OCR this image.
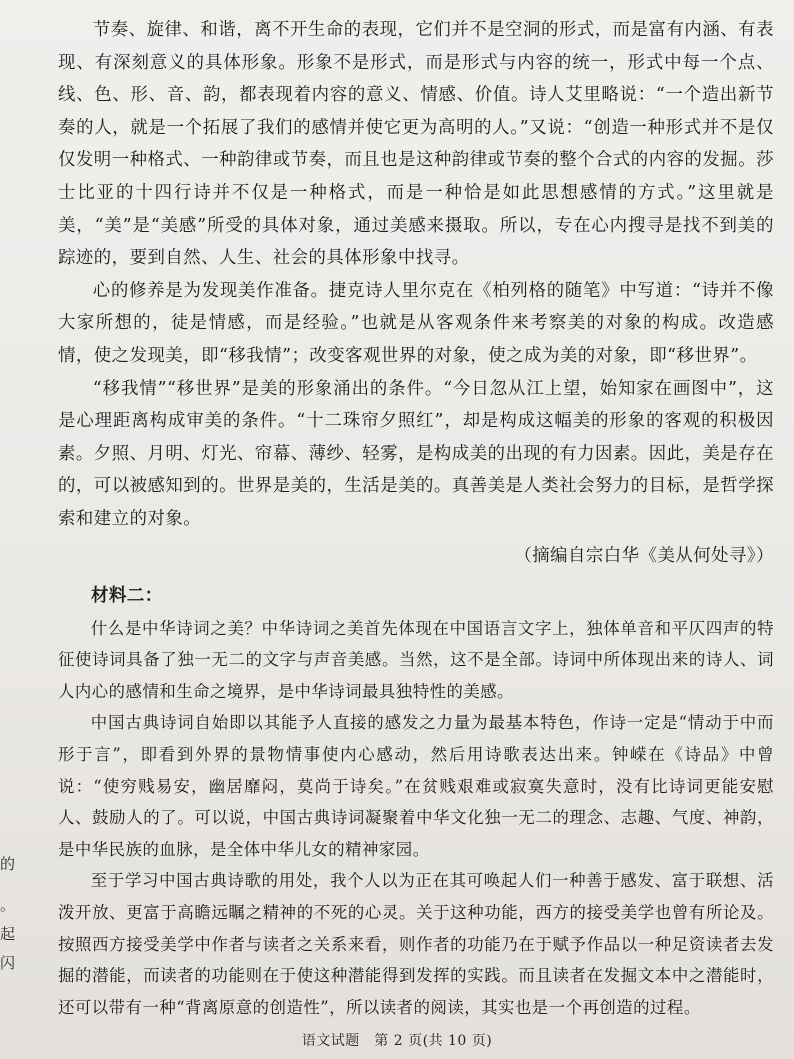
节奏、旋律、和谐，离不开生命的表现，它们并不是空洞的形式，而是富有内涵、有表现、有深刻意义的具体形象。形象不是形式，而是形式与内容的统一，形式中每一个点、线、色、形、音、韵，都表现着内容的意义、情感、价值。诗人艾里略说：“一个造出新节奏的人，就是一个拓展了我们的感情并使它更为高明的人。”又说：“创造一种形式并不是仅仅发明一种格式、一种韵律或节奏，而且也是这种韵律或节奏的整个合式的内容的发掘。莎士比亚的十四行诗并不仅是一种格式，而是一种恰是如此思想感情的方式。”这里就是美，“美”是“美感”所受的具体对象，通过美感来摄取。所以，专在心内搜寻是找不到美的踪迹的，要到自然、人生、社会的具体形象中找寻。

心的修养是为发现美作准备。捷克诗人里尔克在《柏列格的随笔》中写道：“诗并不像大家所想的，徒是情感，而是经验。”也就是从客观条件来考察美的对象的构成。改造感情，使之发现美，即“移我情”；改变客观世界的对象，使之成为美的对象，即“移世界”。

“移我情”“移世界”是美的形象涌出的条件。“今日忽从江上望，始知家在画图中”，这是心理距离构成审美的条件。“十二珠帘夕照红”，却是构成这幅美的形象的客观的积极因素。夕照、月明、灯光、帘幕、薄纱、轻雾，是构成美的出现的有力因素。因此，美是存在的，可以被感知到的。世界是美的，生活是美的。真善美是人类社会努力的目标，是哲学探索和建立的对象。

（摘编自宗白华《美从何处寻》）
材料二：

什么是中华诗词之美？中华诗词之美首先体现在中国语言文字上，独体单音和平仄四声的特征使诗词具备了独一无二的文字与声音美感。当然，这不是全部。诗词中所体现出来的诗人、词人内心的感情和生命之境界，是中华诗词最具独特性的美感。

中国古典诗词自始即以其能予人直接的感发之力量为最基本特色，作诗一定是“情动于中而形于言”，即看到外界的景物情事使内心感动，然后用诗歌表达出来。钟嵘在《诗品》中曾说：“使穷贱易安，幽居靡闷，莫尚于诗矣。”在贫贱艰难或寂寞失意时，没有比诗词更能安慰人、鼓励人的了。可以说，中国古典诗词凝聚着中华文化独一无二的理念、志趣、气度、神韵，是中华民族的血脉，是全体中华儿女的精神家园。

至于学习中国古典诗歌的用处，我个人以为正在其可唤起人们一种善于感发、富于联想、活泼开放、更富于高瞻远瞩之精神的不死的心灵。关于这种功能，西方的接受美学也曾有所论及。按照西方接受美学中作者与读者之关系来看，则作者的功能乃在于赋予作品以一种足资读者去发掘的潜能，而读者的功能则在于使这种潜能得到发挥的实践。而且读者在发掘文本中之潜能时，还可以带有一种“背离原意的创造性”，所以读者的阅读，其实也是一个再创造的过程。

的
。
起
闪
语文试题　第 2 页(共 10 页)
